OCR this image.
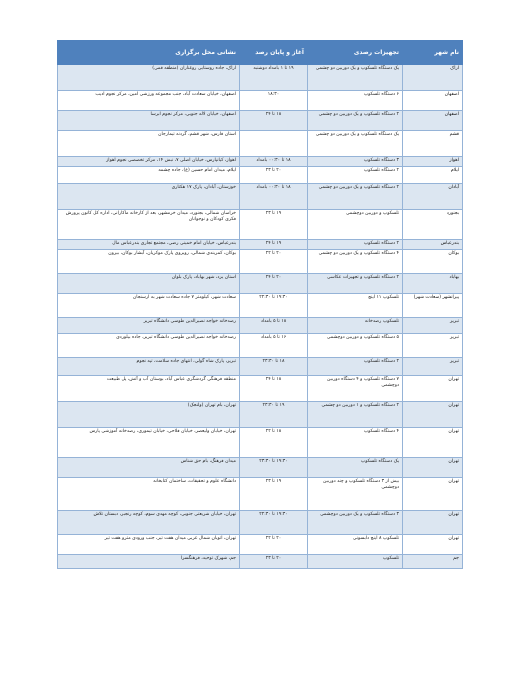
نام شهر	تجهیزات رصدی	آغاز و پایان رصد	نشانی محل برگزاری
اراک	یک دستگاه تلسکوپ و یک دوربین دو چشمی	۱۹ تا ۱ بامداد دوشنبه	اراک، جاده روستایی روغناران (منطقه قمی)
اصفهان	۶ دستگاه تلسکوپ	۱۸:۳۰	اصفهان، خیابان سعادت آباد، جنب مجموعه ورزشی امین، مرکز نجوم ادیب
اصفهان	۲ دستگاه تلسکوپ و یک دوربین دو چشمی	۱۸ تا ۲۴	اصفهان، خیابان لاله جنوبی، مرکز نجوم ابرسا
قشم	یک دستگاه تلسکوپ و یک دوربین دو چشمی		استان فارس، شهر قشم، گردنه تیمارجان
اهواز	۳ دستگاه تلسکوپ	۱۸ تا ۰۰:۳۰ بامداد	اهواز، کیانپارس، خیابان اصلی ۷، نبش ۱۴، مرکز تخصصی نجوم اهواز
ایلام	۲ دستگاه تلسکوپ	۲۰ تا ۲۳	ایلام، میدان امام حسین (ع)، جاده چشمه
آبادان	۲ دستگاه تلسکوپ و یک دوربین دو چشمی	۱۸ تا ۰۰:۳۰ بامداد	خوزستان، آبادان، پارک ۱۷ هکتاری
بجنورد	تلسکوپ و دوربین دوچشمی	۱۹ تا ۲۳	خراسان شمالی، بجنورد، میدان خرمشهر، بعد از کارخانه ماکارانی، اداره کل کانون پرورش فکری کودکان و نوجوانان
بندرعباس	۲ دستگاه تلسکوپ	۱۹ تا ۲۴	بندرعباس، خیابان امام خمینی رضی، مجتمع تجاری بندرعباس مال
بوکان	۴ دستگاه تلسکوپ و یک دوربین دو چشمی	۲۰ تا ۲۲	بوکان، کمربندی شمالی، روبروی پارک موکریان، آبشار بوکان، بیرون
بهاباد	۲ دستگاه تلسکوپ و تجهیزات عکاسی	۲۰ تا ۲۴	استان یزد، شهر بهاباد، پارک بلوان
پیرانشهر (سعادت شهر)	تلسکوپ ۱۱ اینچ	۱۹:۳۰ تا ۲۲:۳۰	سعادت شهر، کیلومتر ۷ جاده سعادت شهر به ارسنجان
تبریز	تلسکوپ رصدخانه	۱۸ تا ۵ بامداد	رصدخانه خواجه نصیرالدین طوسی دانشگاه تبریز
تبریز	۵ دستگاه تلسکوپ و دوربین دوچشمی	۱۶ تا ۵ بامداد	رصدخانه خواجه نصیرالدین طوسی دانشگاه تبریز، جاده بیلوردی
تبریز	۲ دستگاه تلسکوپ	۱۸ تا ۲۳:۳۰	تبریز، پارک شاه گولی، انتهای جاده سلامت، تپه نجوم
تهران	۷ دستگاه تلسکوپ و ۴ دستگاه دوربین دوچشمی	۱۸ تا ۲۴	منطقه فرهنگی گردشگری عباس آباد، بوستان آب و آتش، پل طبیعت
تهران	۲ دستگاه تلسکوپ و ۱ دوربین دو چشمی	۱۹ تا ۲۳:۳۰	تهران، بام تهران (ولنجک)
تهران	۴ دستگاه تلسکوپ	۱۸ تا ۲۲	تهران، خیابان ولیعصر، خیابان فلاحی، خیابان تیموری، رصدخانه آموزشی پارس
تهران	یک دستگاه تلسکوپ	۱۹:۳۰ تا ۲۳:۳۰	میدان فرهنگ، بام حق شناس
تهران	بیش از ۳ دستگاه تلسکوپ و چند دوربین دوچشمی	۱۹ تا ۲۳	دانشگاه علوم و تحقیقات، ساختمان کتابخانه
تهران	۳ دستگاه تلسکوپ و یک دوربین دوچشمی	۱۹:۳۰ تا ۲۲:۳۰	تهران، خیابان شریعتی جنوبی، کوچه مهدی سوم، کوچه رنجبر، دبستان تلاش
تهران	تلسکوپ ۸ اینچ دابسونی	۲۰ تا ۲۲	تهران، اتوبان شمال غربی میدان هفت تیر، جنب ورودی مترو هفت تیر
جم	تلسکوپ	۲۰ تا ۲۳	جم، شهرک توحید، فرهنگسرا
